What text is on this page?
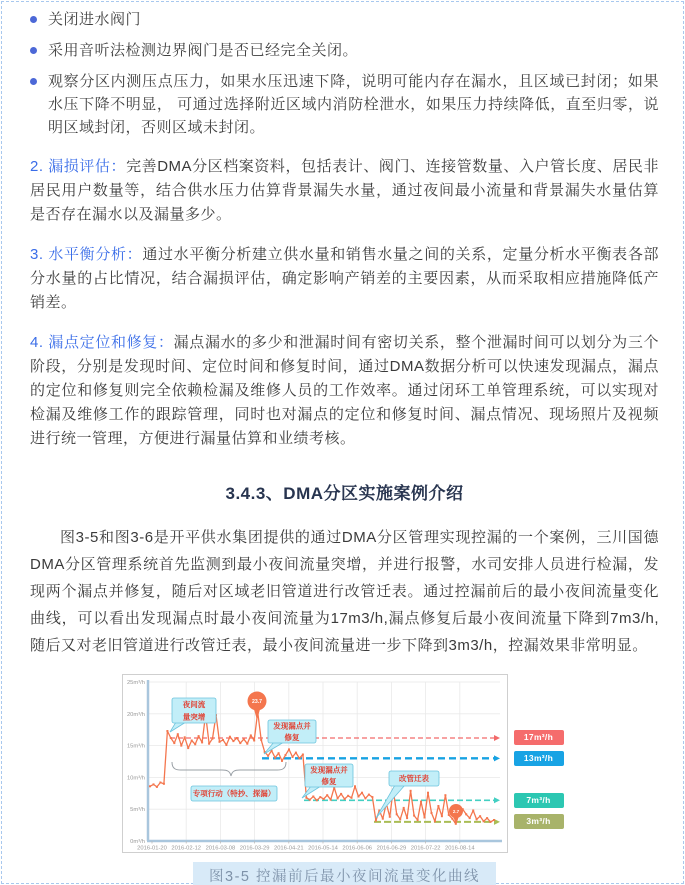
关闭进水阀门
采用音听法检测边界阀门是否已经完全关闭。
观察分区内测压点压力，如果水压迅速下降，说明可能内存在漏水，且区域已封闭；如果水压下降不明显， 可通过选择附近区域内消防栓泄水，如果压力持续降低，直至归零，说明区域封闭，否则区域未封闭。

2. 漏损评估：完善DMA分区档案资料，包括表计、阀门、连接管数量、入户管长度、居民非居民用户数量等，结合供水压力估算背景漏失水量，通过夜间最小流量和背景漏失水量估算是否存在漏水以及漏量多少。

3. 水平衡分析：通过水平衡分析建立供水量和销售水量之间的关系，定量分析水平衡表各部分水量的占比情况，结合漏损评估，确定影响产销差的主要因素，从而采取相应措施降低产销差。

4. 漏点定位和修复：漏点漏水的多少和泄漏时间有密切关系，整个泄漏时间可以划分为三个阶段，分别是发现时间、定位时间和修复时间，通过DMA数据分析可以快速发现漏点，漏点的定位和修复则完全依赖检漏及维修人员的工作效率。通过闭环工单管理系统，可以实现对检漏及维修工作的跟踪管理，同时也对漏点的定位和修复时间、漏点情况、现场照片及视频进行统一管理，方便进行漏量估算和业绩考核。

3.4.3、DMA分区实施案例介绍

图3-5和图3-6是开平供水集团提供的通过DMA分区管理实现控漏的一个案例，三川国德DMA分区管理系统首先监测到最小夜间流量突增，并进行报警，水司安排人员进行检漏，发现两个漏点并修复，随后对区域老旧管道进行改管迁表。通过控漏前后的最小夜间流量变化曲线，可以看出发现漏点时最小夜间流量为17m3/h,漏点修复后最小夜间流量下降到7m3/h,随后又对老旧管道进行改管迁表，最小夜间流量进一步下降到3m3/h，控漏效果非常明显。

0m³/h
5m³/h
10m³/h
15m³/h
20m³/h
25m³/h
2016-01-20 2016-02-12 2016-03-08 2016-03-29 2016-04-21 2016-05-14 2016-06-06 2016-06-29 2016-07-22 2016-08-14
夜间流
量突增
发现漏点并
修复
发现漏点并
修复	改管迁表
专项行动（特抄、探漏）
23.7
2.7
17m³/h
13m³/h
7m³/h
3m³/h
图3-5 控漏前后最小夜间流量变化曲线
